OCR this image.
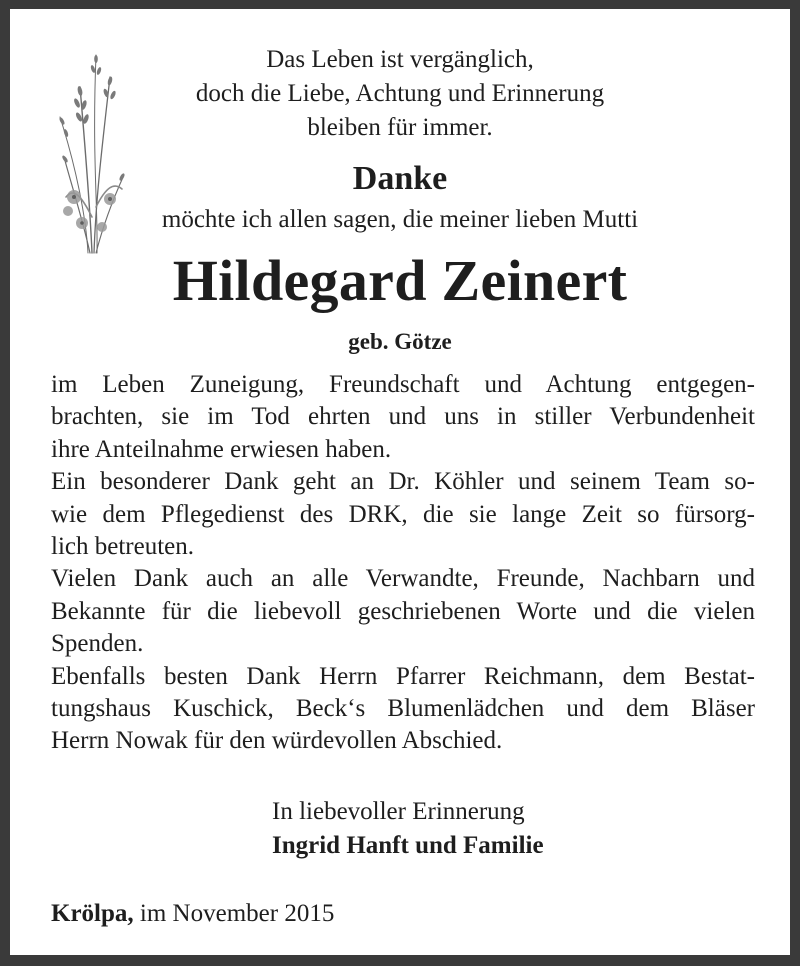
Das Leben ist vergänglich,
doch die Liebe, Achtung und Erinnerung
bleiben für immer.
Danke
möchte ich allen sagen, die meiner lieben Mutti
Hildegard Zeinert
geb. Götze
im Leben Zuneigung, Freundschaft und Achtung entgegen-
brachten, sie im Tod ehrten und uns in stiller Verbundenheit
ihre Anteilnahme erwiesen haben.
Ein besonderer Dank geht an Dr. Köhler und seinem Team so-
wie dem Pflegedienst des DRK, die sie lange Zeit so fürsorg-
lich betreuten.
Vielen Dank auch an alle Verwandte, Freunde, Nachbarn und
Bekannte für die liebevoll geschriebenen Worte und die vielen
Spenden.
Ebenfalls besten Dank Herrn Pfarrer Reichmann, dem Bestat-
tungshaus Kuschick, Beck‘s Blumenlädchen und dem Bläser
Herrn Nowak für den würdevollen Abschied.
In liebevoller Erinnerung
Ingrid Hanft und Familie
Krölpa, im November 2015
